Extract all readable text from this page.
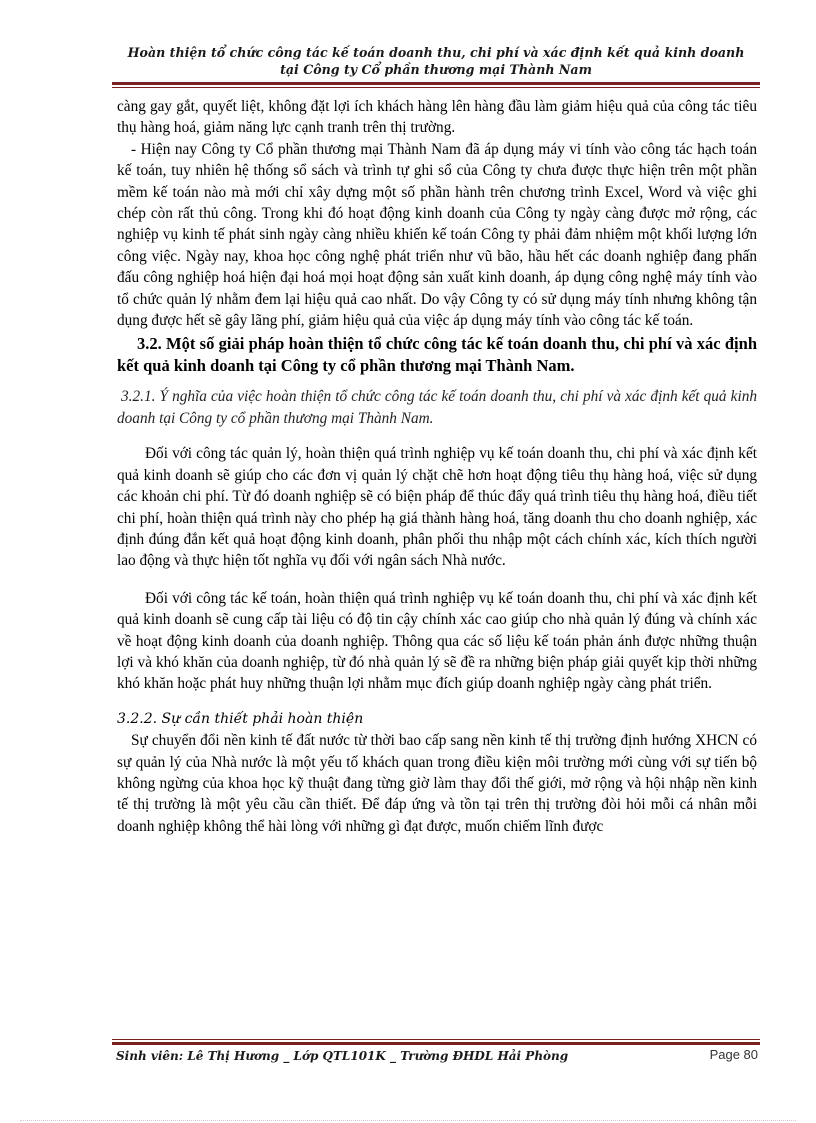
Hoàn thiện tổ chức công tác kế toán doanh thu, chi phí và xác định kết quả kinh doanh
tại Công ty Cổ phần thương mại Thành Nam

càng gay gắt, quyết liệt, không đặt lợi ích khách hàng lên hàng đầu làm giảm hiệu quả của công tác tiêu thụ hàng hoá, giảm năng lực cạnh tranh trên thị trường.

- Hiện nay Công ty Cổ phần thương mại Thành Nam đã áp dụng máy vi tính vào công tác hạch toán kế toán, tuy nhiên hệ thống sổ sách và trình tự ghi sổ của Công ty chưa được thực hiện trên một phần mềm kế toán nào mà mới chỉ xây dựng một số phần hành trên chương trình Excel, Word và việc ghi chép còn rất thủ công. Trong khi đó hoạt động kinh doanh của Công ty ngày càng được mở rộng, các nghiệp vụ kinh tế phát sinh ngày càng nhiều khiến kế toán Công ty phải đảm nhiệm một khối lượng lớn công việc. Ngày nay, khoa học công nghệ phát triển như vũ bão, hầu hết các doanh nghiệp đang phấn đấu công nghiệp hoá hiện đại hoá mọi hoạt động sản xuất kinh doanh, áp dụng công nghệ máy tính vào tổ chức quản lý nhằm đem lại hiệu quả cao nhất. Do vậy Công ty có sử dụng máy tính nhưng không tận dụng được hết sẽ gây lãng phí, giảm hiệu quả của việc áp dụng máy tính vào công tác kế toán.

3.2. Một số giải pháp hoàn thiện tổ chức công tác kế toán doanh thu, chi phí và xác định kết quả kinh doanh tại Công ty cổ phần thương mại Thành Nam.

3.2.1. Ý nghĩa của việc hoàn thiện tổ chức công tác kế toán doanh thu, chi phí và xác định kết quả kinh doanh tại Công ty cổ phần thương mại Thành Nam.

Đối với công tác quản lý, hoàn thiện quá trình nghiệp vụ kế toán doanh thu, chi phí và xác định kết quả kinh doanh sẽ giúp cho các đơn vị quản lý chặt chẽ hơn hoạt động tiêu thụ hàng hoá, việc sử dụng các khoản chi phí. Từ đó doanh nghiệp sẽ có biện pháp để thúc đẩy quá trình tiêu thụ hàng hoá, điều tiết chi phí, hoàn thiện quá trình này cho phép hạ giá thành hàng hoá, tăng doanh thu cho doanh nghiệp, xác định đúng đắn kết quả hoạt động kinh doanh, phân phối thu nhập một cách chính xác, kích thích người lao động và thực hiện tốt nghĩa vụ đối với ngân sách Nhà nước.

Đối với công tác kế toán, hoàn thiện quá trình nghiệp vụ kế toán doanh thu, chi phí và xác định kết quả kinh doanh sẽ cung cấp tài liệu có độ tin cậy chính xác cao giúp cho nhà quản lý đúng và chính xác về hoạt động kinh doanh của doanh nghiệp. Thông qua các số liệu kế toán phản ánh được những thuận lợi và khó khăn của doanh nghiệp, từ đó nhà quản lý sẽ đề ra những biện pháp giải quyết kịp thời những khó khăn hoặc phát huy những thuận lợi nhằm mục đích giúp doanh nghiệp ngày càng phát triển.

3.2.2. Sự cần thiết phải hoàn thiện

Sự chuyển đổi nền kinh tế đất nước từ thời bao cấp sang nền kinh tế thị trường định hướng XHCN có sự quản lý của Nhà nước là một yếu tố khách quan trong điều kiện môi trường mới cùng với sự tiến bộ không ngừng của khoa học kỹ thuật đang từng giờ làm thay đổi thế giới, mở rộng và hội nhập nền kinh tế thị trường là một yêu cầu cần thiết. Để đáp ứng và tồn tại trên thị trường đòi hỏi mỗi cá nhân mỗi doanh nghiệp không thể hài lòng với những gì đạt được, muốn chiếm lĩnh được

Sinh viên: Lê Thị Hương _ Lớp QTL101K _ Trường ĐHDL Hải Phòng	Page 80
